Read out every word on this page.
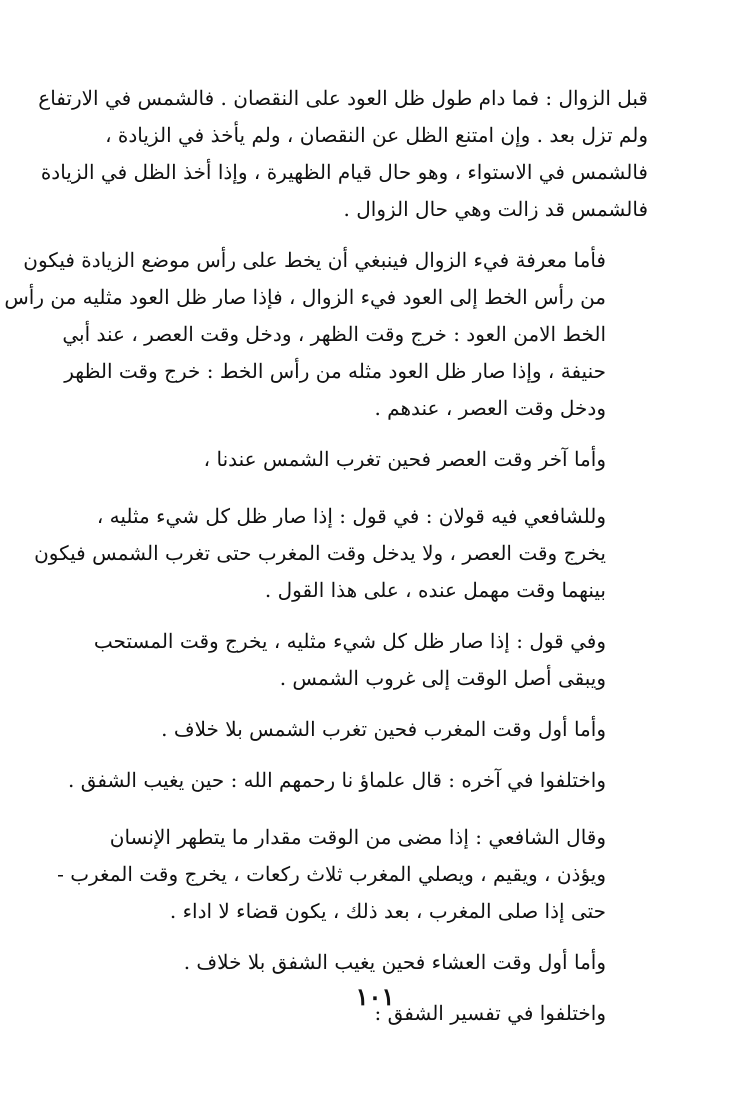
قبل الزوال : فما دام طول ظل العود على النقصان . فالشمس في الارتفاع
ولم تزل بعد . وإن امتنع الظل عن النقصان ، ولم يأخذ في الزيادة ،
فالشمس في الاستواء ، وهو حال قيام الظهيرة ، وإذا أخذ الظل في الزيادة
فالشمس قد زالت وهي حال الزوال .

فأما معرفة فيء الزوال فينبغي أن يخط على رأس موضع الزيادة فيكون
من رأس الخط إلى العود فيء الزوال ، فإذا صار ظل العود مثليه من رأس
الخط الامن العود : خرج وقت الظهر ، ودخل وقت العصر ، عند أبي
حنيفة ، وإذا صار ظل العود مثله من رأس الخط : خرج وقت الظهر
ودخل وقت العصر ، عندهم .

وأما آخر وقت العصر فحين تغرب الشمس عندنا ،

وللشافعي فيه قولان : في قول : إذا صار ظل كل شيء مثليه ،
يخرج وقت العصر ، ولا يدخل وقت المغرب حتى تغرب الشمس فيكون
بينهما وقت مهمل عنده ، على هذا القول .

وفي قول : إذا صار ظل كل شيء مثليه ، يخرج وقت المستحب
ويبقى أصل الوقت إلى غروب الشمس .

وأما أول وقت المغرب فحين تغرب الشمس بلا خلاف .

واختلفوا في آخره : قال علماؤ نا رحمهم الله : حين يغيب الشفق .

وقال الشافعي : إذا مضى من الوقت مقدار ما يتطهر الإنسان
ويؤذن ، ويقيم ، ويصلي المغرب ثلاث ركعات ، يخرج وقت المغرب -
حتى إذا صلى المغرب ، بعد ذلك ، يكون قضاء لا اداء .

وأما أول وقت العشاء فحين يغيب الشفق بلا خلاف .

واختلفوا في تفسير الشفق :

١٠١
